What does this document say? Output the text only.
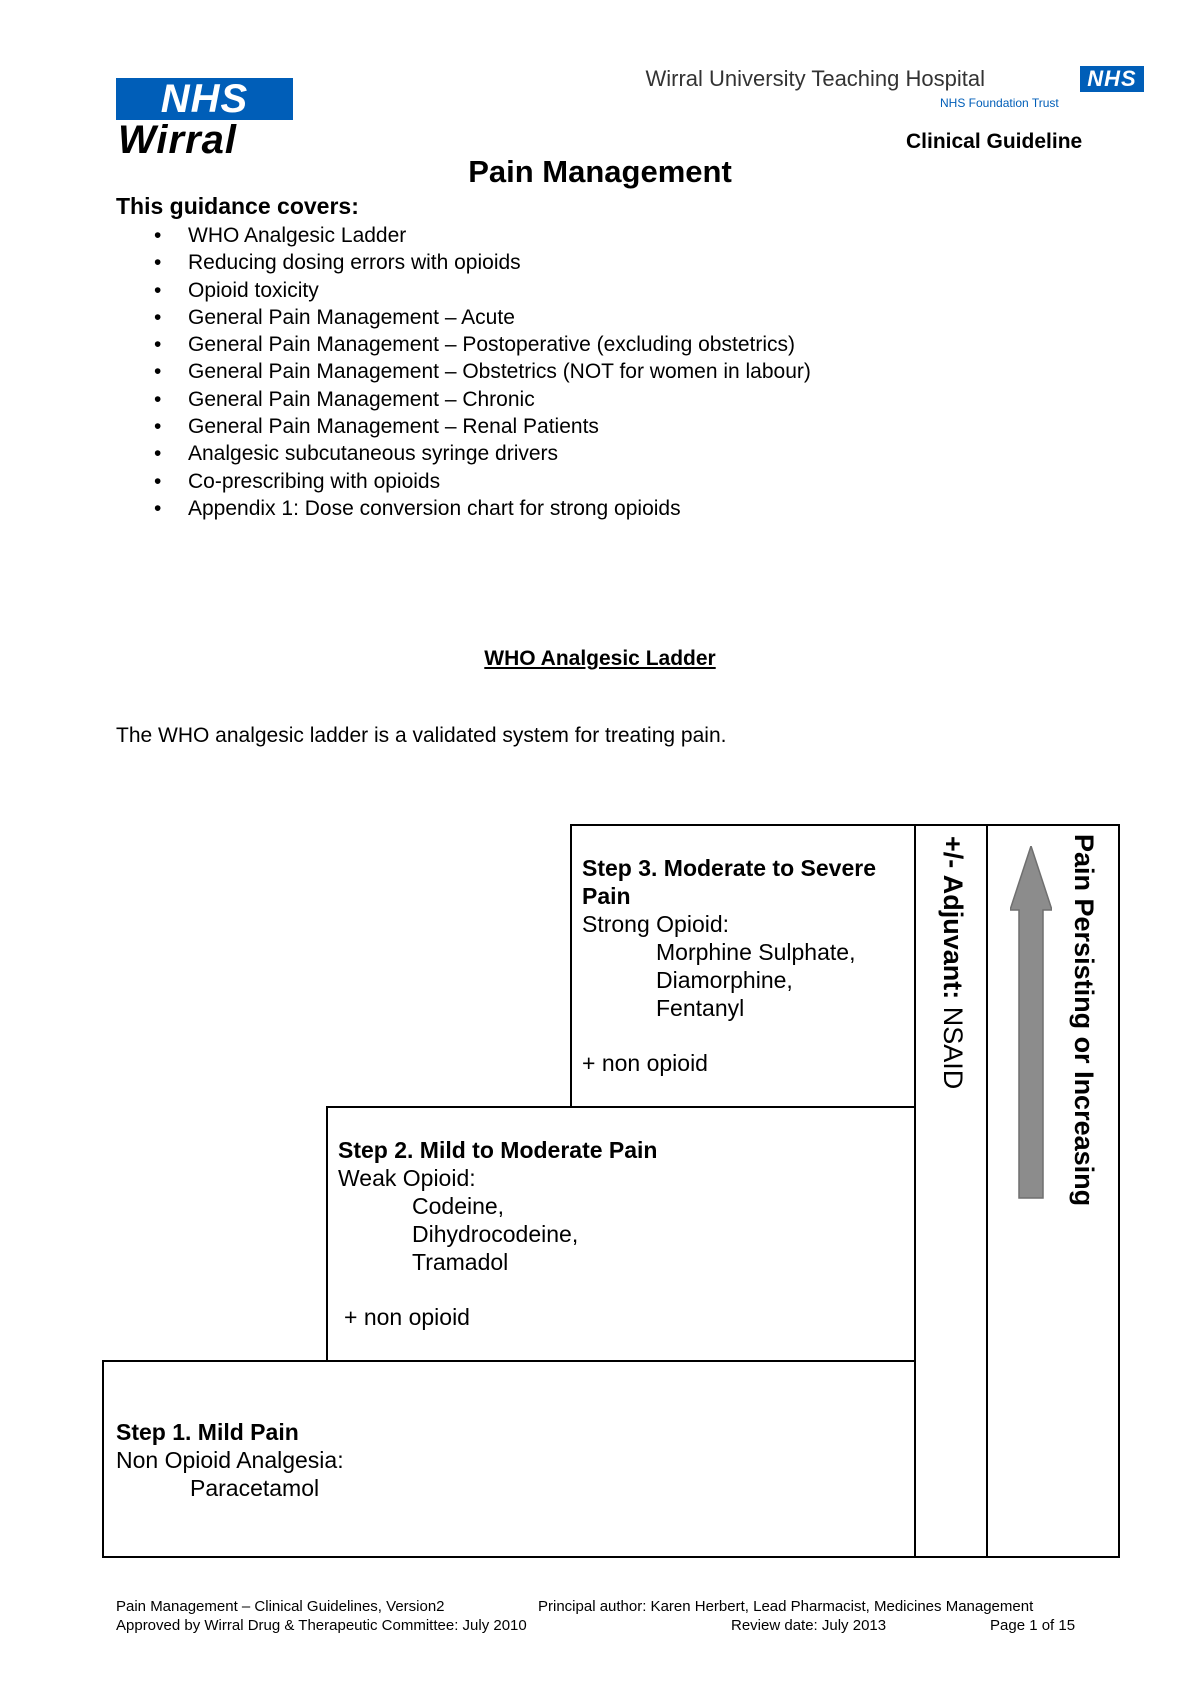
NHS
Wirral
Wirral University Teaching Hospital	NHS
NHS Foundation Trust
Clinical Guideline
Pain Management
This guidance covers:
• WHO Analgesic Ladder
• Reducing dosing errors with opioids
• Opioid toxicity
• General Pain Management – Acute
• General Pain Management – Postoperative (excluding obstetrics)
• General Pain Management – Obstetrics (NOT for women in labour)
• General Pain Management – Chronic
• General Pain Management – Renal Patients
• Analgesic subcutaneous syringe drivers
• Co-prescribing with opioids
• Appendix 1: Dose conversion chart for strong opioids
WHO Analgesic Ladder
The WHO analgesic ladder is a validated system for treating pain.
Step 3. Moderate to Severe
Pain
Strong Opioid:
Morphine Sulphate,
Diamorphine,
Fentanyl
+ non opioid
Step 2. Mild to Moderate Pain
Weak Opioid:
Codeine,
Dihydrocodeine,
Tramadol
+ non opioid
Step 1. Mild Pain
Non Opioid Analgesia:
Paracetamol
+/- Adjuvant: NSAID	Pain Persisting or Increasing
Pain Management – Clinical Guidelines, Version2	Principal author: Karen Herbert, Lead Pharmacist, Medicines Management
Approved by Wirral Drug & Therapeutic Committee: July 2010	Review date: July 2013	Page 1 of 15
